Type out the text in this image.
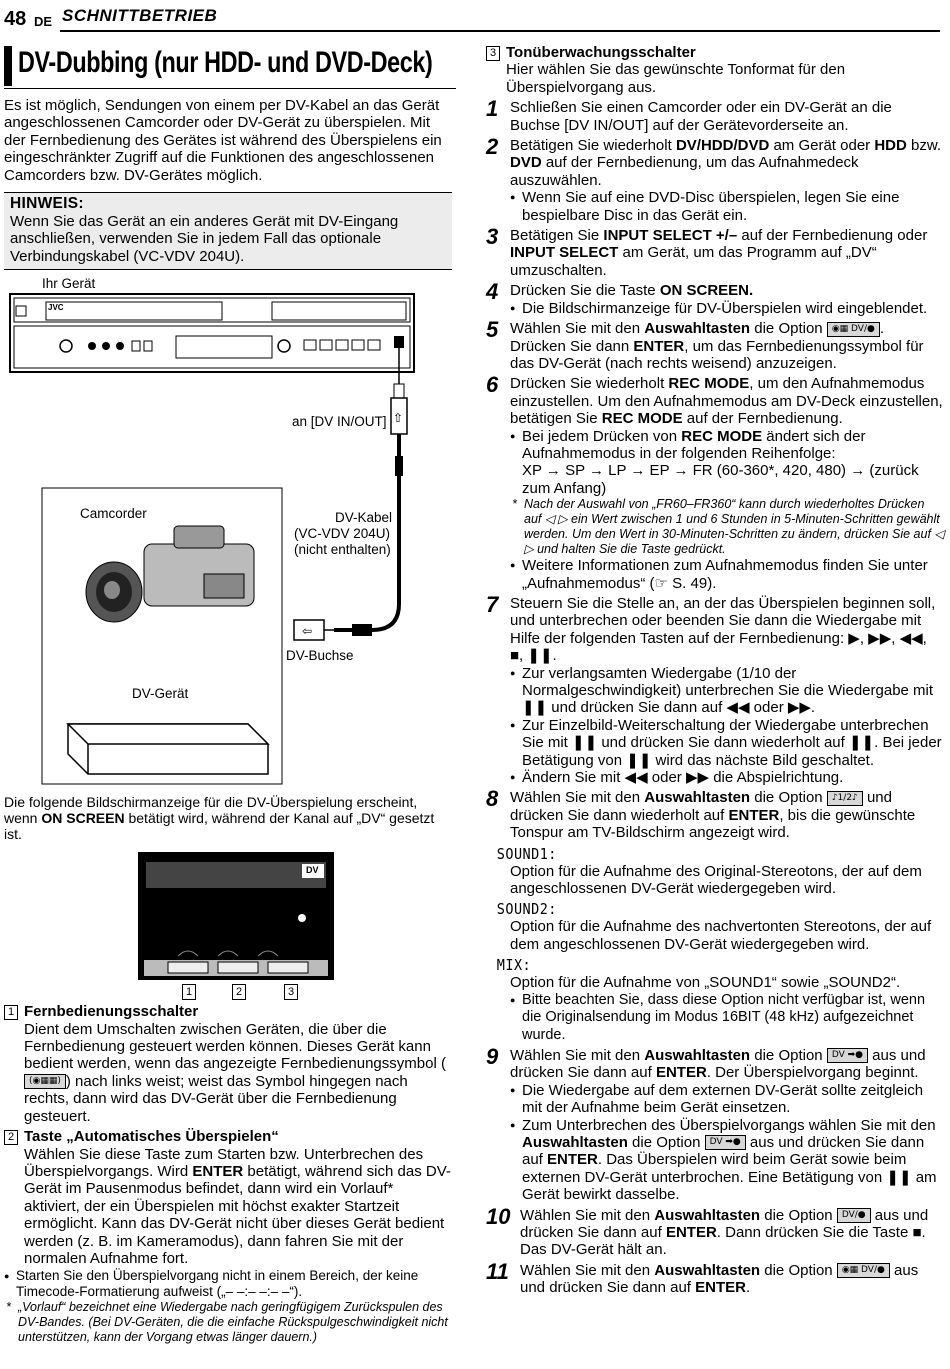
48 DE SCHNITTBETRIEB
DV-Dubbing (nur HDD- und DVD-Deck)

Es ist möglich, Sendungen von einem per DV-Kabel an das Gerät angeschlossenen Camcorder oder DV-Gerät zu überspielen. Mit der Fernbedienung des Gerätes ist während des Überspielens ein eingeschränkter Zugriff auf die Funktionen des angeschlossenen Camcorders bzw. DV-Gerätes möglich.

HINWEIS:

Wenn Sie das Gerät an ein anderes Gerät mit DV-Eingang anschließen, verwenden Sie in jedem Fall das optionale Verbindungskabel (VC-VDV 204U).

Ihr Gerät
⇧
⇦
JVC
an [DV IN/OUT]
Camcorder	DV-Kabel
(VC-VDV 204U)
(nicht enthalten)
DV-Buchse
DV-Gerät

Die folgende Bildschirmanzeige für die DV-Überspielung erscheint, wenn ON SCREEN betätigt wird, während der Kanal auf „DV“ gesetzt ist.

DV
1	2	3
1 Fernbedienungsschalter

Dient dem Umschalten zwischen Geräten, die über die Fernbedienung gesteuert werden können. Dieses Gerät kann bedient werden, wenn das angezeigte Fernbedienungssymbol ((◉▦▦) ) nach links weist; weist das Symbol hingegen nach rechts, dann wird das DV-Gerät über die Fernbedienung gesteuert.

2 Taste „Automatisches Überspielen“

Wählen Sie diese Taste zum Starten bzw. Unterbrechen des Überspielvorgangs. Wird ENTER betätigt, während sich das DV-Gerät im Pausenmodus befindet, dann wird ein Vorlauf* aktiviert, der ein Überspielen mit höchst exakter Startzeit ermöglicht. Kann das DV-Gerät nicht über dieses Gerät bedient werden (z. B. im Kameramodus), dann fahren Sie mit der normalen Aufnahme fort.

● Starten Sie den Überspielvorgang nicht in einem Bereich, der keine Timecode-Formatierung aufweist („– –:– –:– –“).
* „Vorlauf“ bezeichnet eine Wiedergabe nach geringfügigem Zurückspulen des DV-Bandes. (Bei DV-Geräten, die die einfache Rückspulgeschwindigkeit nicht unterstützen, kann der Vorgang etwas länger dauern.)
3 Tonüberwachungsschalter

Hier wählen Sie das gewünschte Tonformat für den Überspielvorgang aus.

1 Schließen Sie einen Camcorder oder ein DV-Gerät an die Buchse [DV IN/OUT] auf der Gerätevorderseite an.

2 Betätigen Sie wiederholt DV/HDD/DVD am Gerät oder HDD bzw. DVD auf der Fernbedienung, um das Aufnahmedeck auszuwählen.

● Wenn Sie auf eine DVD-Disc überspielen, legen Sie eine bespielbare Disc in das Gerät ein.
3 Betätigen Sie INPUT SELECT +/– auf der Fernbedienung oder INPUT SELECT am Gerät, um das Programm auf „DV“ umzuschalten.

4 Drücken Sie die Taste ON SCREEN.

● Die Bildschirmanzeige für DV-Überspielen wird eingeblendet.
5 Wählen Sie mit den Auswahltasten die Option ◉▦ DV/● . Drücken Sie dann ENTER, um das Fernbedienungssymbol für das DV-Gerät (nach rechts weisend) anzuzeigen.

6 Drücken Sie wiederholt REC MODE, um den Aufnahmemodus einzustellen. Um den Aufnahmemodus am DV-Deck einzustellen, betätigen Sie REC MODE auf der Fernbedienung.

● Bei jedem Drücken von REC MODE ändert sich der Aufnahmemodus in der folgenden Reihenfolge:

XP → SP → LP → EP → FR (60-360*, 420, 480) → (zurück zum Anfang)

* Nach der Auswahl von „FR60–FR360“ kann durch wiederholtes Drücken auf ◁ ▷ ein Wert zwischen 1 und 6 Stunden in 5-Minuten-Schritten gewählt werden. Um den Wert in 30-Minuten-Schritten zu ändern, drücken Sie auf ◁ ▷ und halten Sie die Taste gedrückt.
● Weitere Informationen zum Aufnahmemodus finden Sie unter „Aufnahmemodus“ (☞ S. 49).
7 Steuern Sie die Stelle an, an der das Überspielen beginnen soll, und unterbrechen oder beenden Sie dann die Wiedergabe mit Hilfe der folgenden Tasten auf der Fernbedienung: ▶, ▶▶, ◀◀, ■, ❚❚.

● Zur verlangsamten Wiedergabe (1/10 der Normalgeschwindigkeit) unterbrechen Sie die Wiedergabe mit ❚❚ und drücken Sie dann auf ◀◀ oder ▶▶.
● Zur Einzelbild-Weiterschaltung der Wiedergabe unterbrechen Sie mit ❚❚ und drücken Sie dann wiederholt auf ❚❚. Bei jeder Betätigung von ❚❚ wird das nächste Bild geschaltet.
● Ändern Sie mit ◀◀ oder ▶▶ die Abspielrichtung.
8 Wählen Sie mit den Auswahltasten die Option ♪1/2♪ und drücken Sie dann wiederholt auf ENTER, bis die gewünschte Tonspur am TV-Bildschirm angezeigt wird.

SOUND1:

Option für die Aufnahme des Original-Stereotons, der auf dem angeschlossenen DV-Gerät wiedergegeben wird.

SOUND2:

Option für die Aufnahme des nachvertonten Stereotons, der auf dem angeschlossenen DV-Gerät wiedergegeben wird.

MIX:

Option für die Aufnahme von „SOUND1“ sowie „SOUND2“.

● Bitte beachten Sie, dass diese Option nicht verfügbar ist, wenn die Originalsendung im Modus 16BIT (48 kHz) aufgezeichnet wurde.
9 Wählen Sie mit den Auswahltasten die Option DV ➡● aus und drücken Sie dann auf ENTER. Der Überspielvorgang beginnt.

● Die Wiedergabe auf dem externen DV-Gerät sollte zeitgleich mit der Aufnahme beim Gerät einsetzen.
● Zum Unterbrechen des Überspielvorgangs wählen Sie mit den Auswahltasten die Option DV ➡● aus und drücken Sie dann auf ENTER. Das Überspielen wird beim Gerät sowie beim externen DV-Gerät unterbrochen. Eine Betätigung von ❚❚ am Gerät bewirkt dasselbe.
10 Wählen Sie mit den Auswahltasten die Option DV/● aus und drücken Sie dann auf ENTER. Dann drücken Sie die Taste ■. Das DV-Gerät hält an.

11 Wählen Sie mit den Auswahltasten die Option ◉▦ DV/● aus und drücken Sie dann auf ENTER.
